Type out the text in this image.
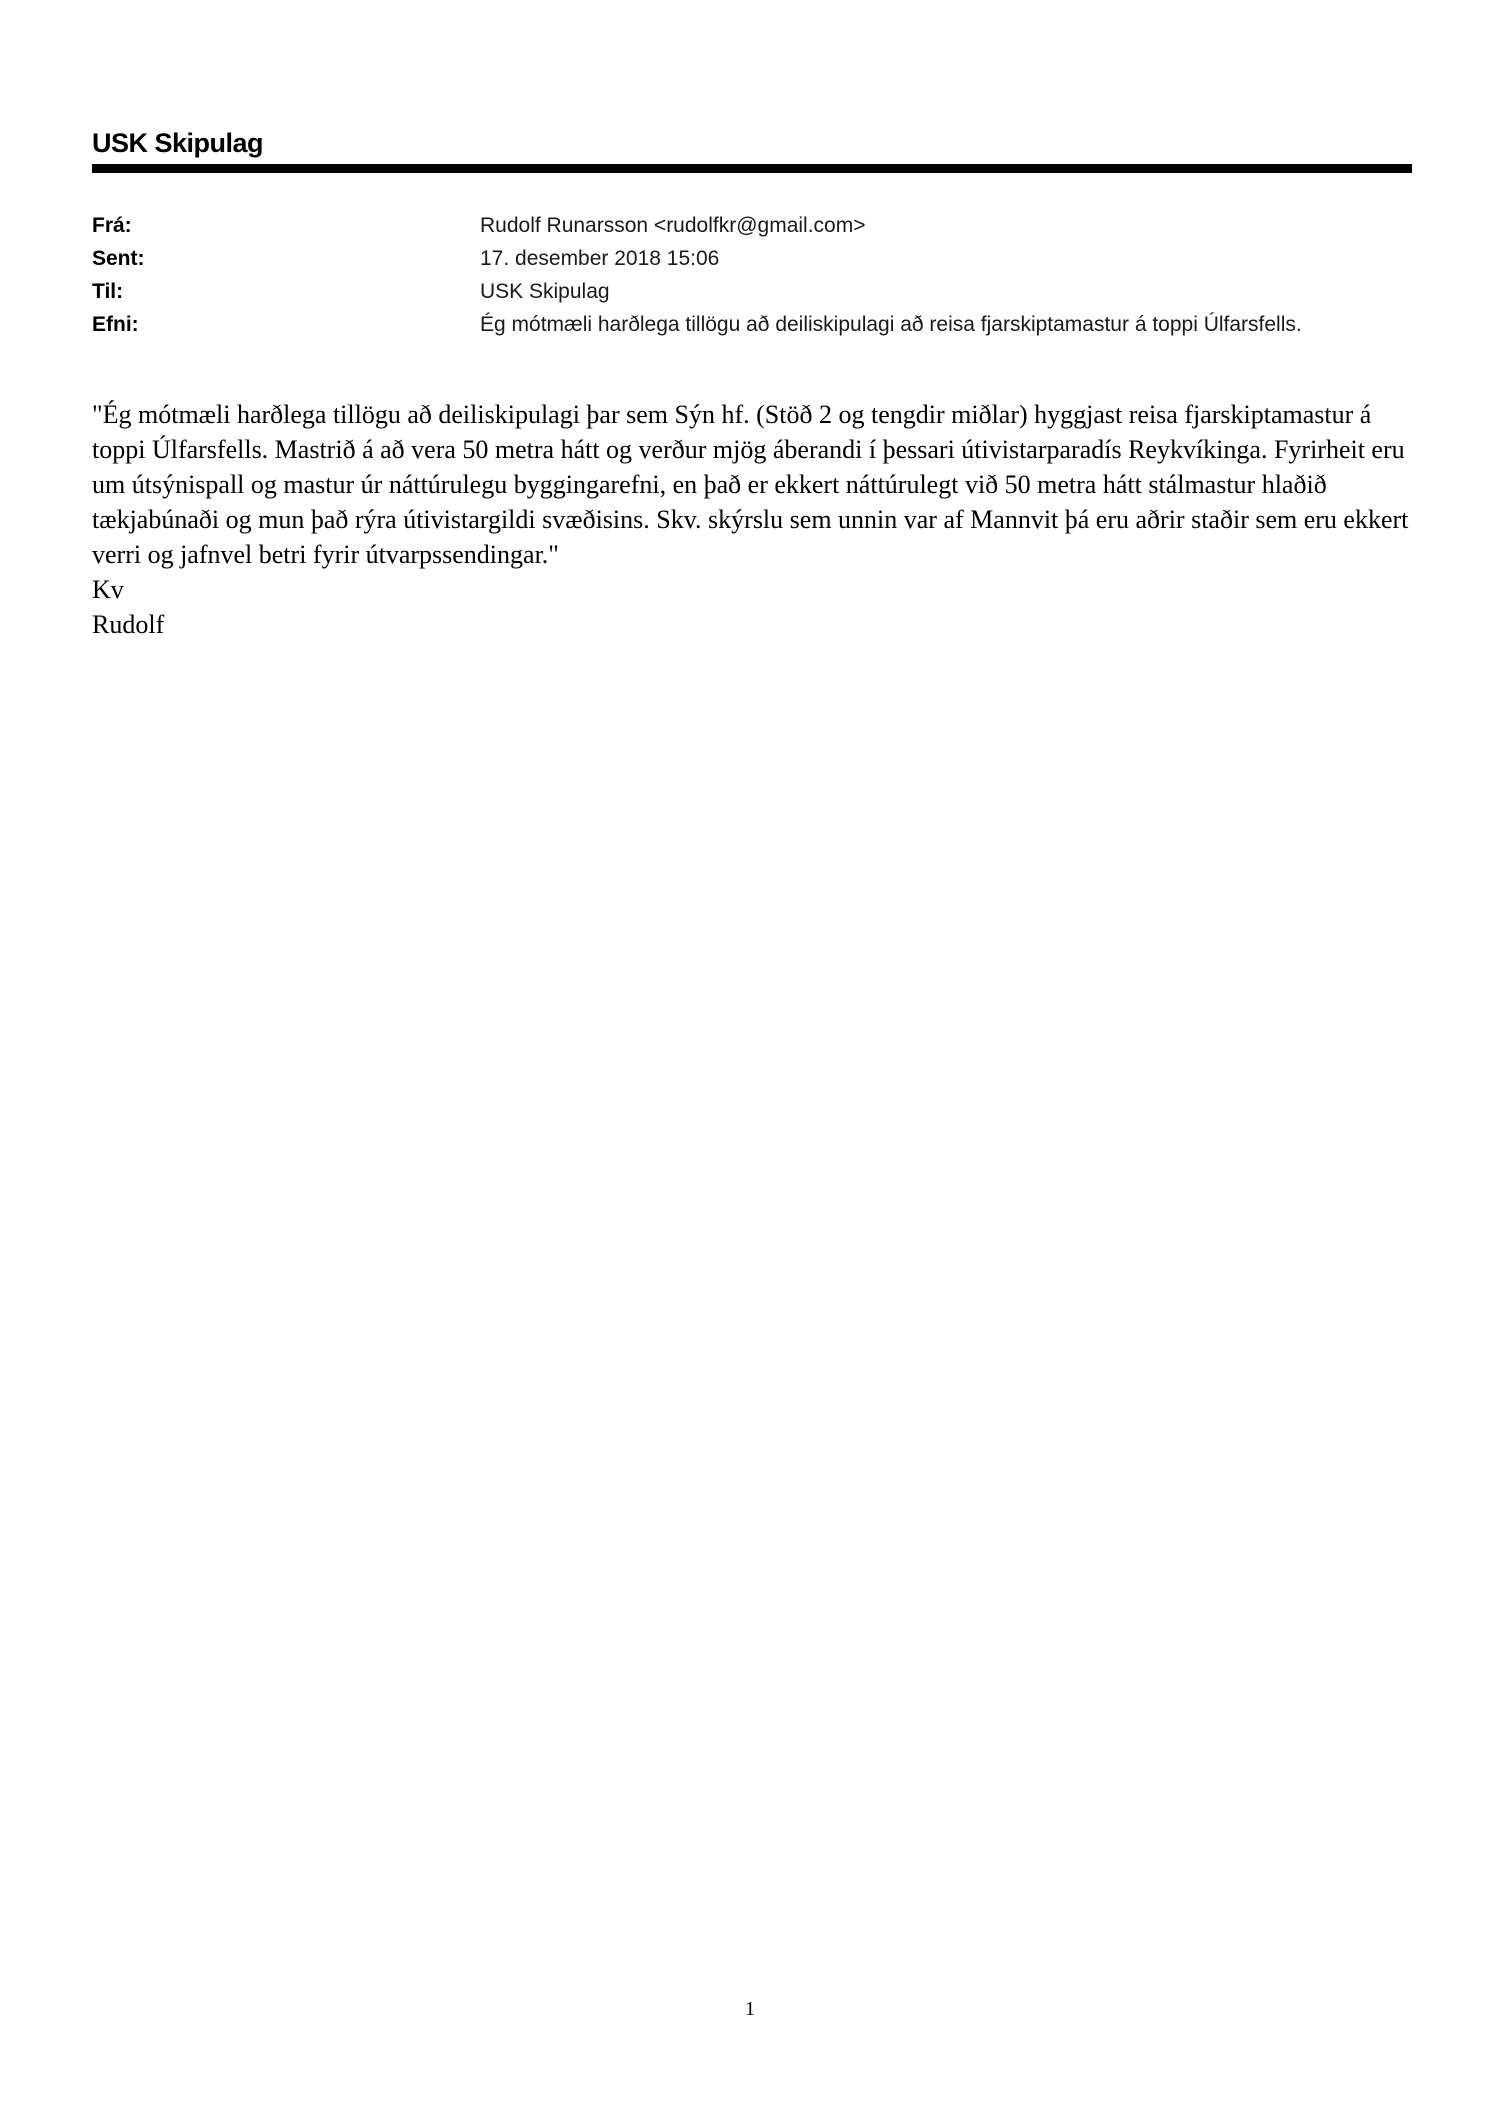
USK Skipulag
Frá:	Rudolf Runarsson <rudolfkr@gmail.com>
Sent:	17. desember 2018 15:06
Til:	USK Skipulag
Efni:	Ég mótmæli harðlega tillögu að deiliskipulagi að reisa fjarskiptamastur á toppi Úlfarsfells.

"Ég mótmæli harðlega tillögu að deiliskipulagi þar sem Sýn hf. (Stöð 2 og tengdir miðlar) hyggjast reisa fjarskiptamastur á toppi Úlfarsfells. Mastrið á að vera 50 metra hátt og verður mjög áberandi í þessari útivistarparadís Reykvíkinga. Fyrirheit eru um útsýnispall og mastur úr náttúrulegu byggingarefni, en það er ekkert náttúrulegt við 50 metra hátt stálmastur hlaðið tækjabúnaði og mun það rýra útivistargildi svæðisins. Skv. skýrslu sem unnin var af Mannvit þá eru aðrir staðir sem eru ekkert verri og jafnvel betri fyrir útvarpssendingar."

Kv
Rudolf
1
